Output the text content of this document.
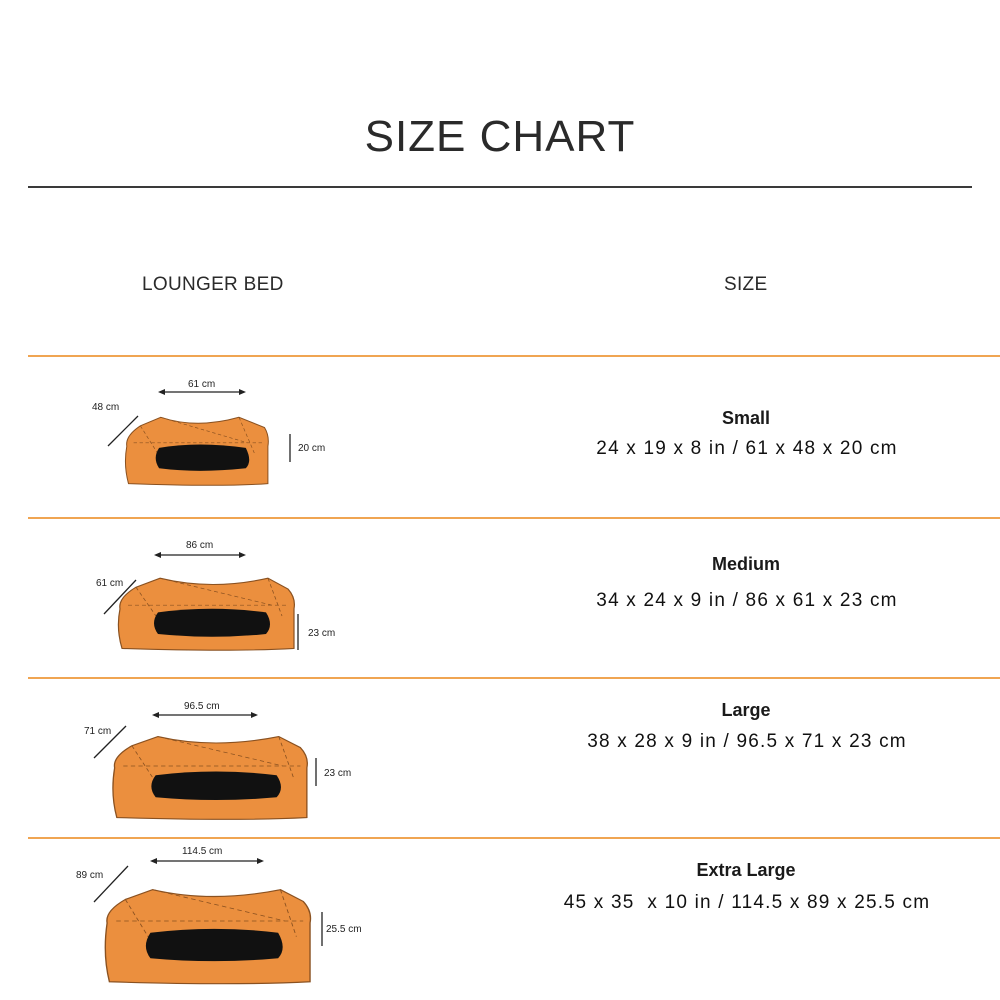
SIZE CHART
LOUNGER BED	SIZE
61 cm
48 cm
20 cm
Small
24 x 19 x 8 in / 61 x 48 x 20 cm
86 cm
61 cm
23 cm
Medium
34 x 24 x 9 in / 86 x 61 x 23 cm
96.5 cm
71 cm
23 cm
Large
38 x 28 x 9 in / 96.5 x 71 x 23 cm
114.5 cm
89 cm
25.5 cm
Extra Large
45 x 35  x 10 in / 114.5 x 89 x 25.5 cm
